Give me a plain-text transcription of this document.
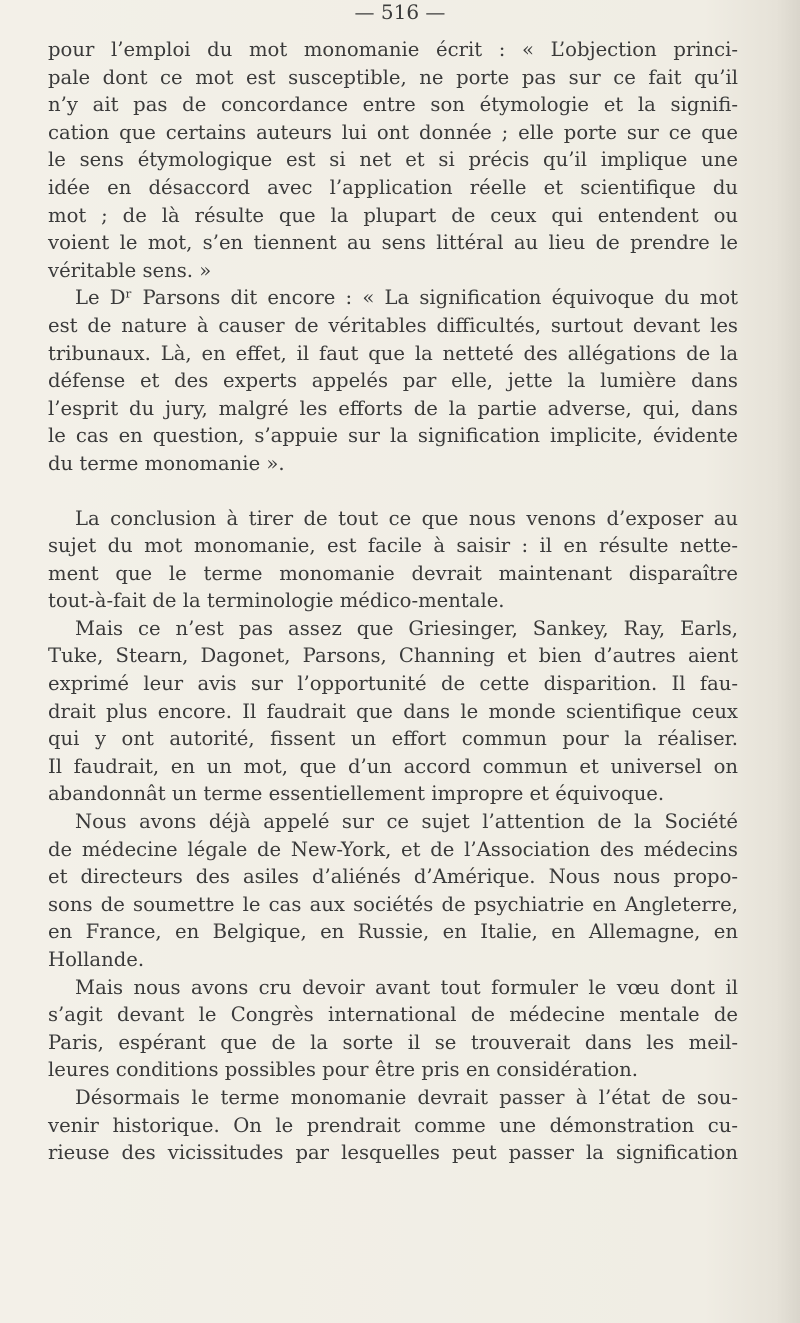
— 516 —
pour l’emploi du mot monomanie écrit : « L’objection princi-
pale dont ce mot est susceptible, ne porte pas sur ce fait qu’il
n’y ait pas de concordance entre son étymologie et la signifi-
cation que certains auteurs lui ont donnée ; elle porte sur ce que
le sens étymologique est si net et si précis qu’il implique une
idée en désaccord avec l’application réelle et scientifique du
mot ; de là résulte que la plupart de ceux qui entendent ou
voient le mot, s’en tiennent au sens littéral au lieu de prendre le
véritable sens. »
Le Dʳ Parsons dit encore : « La signification équivoque du mot
est de nature à causer de véritables difficultés, surtout devant les
tribunaux. Là, en effet, il faut que la netteté des allégations de la
défense et des experts appelés par elle, jette la lumière dans
l’esprit du jury, malgré les efforts de la partie adverse, qui, dans
le cas en question, s’appuie sur la signification implicite, évidente
du terme monomanie ».
La conclusion à tirer de tout ce que nous venons d’exposer au
sujet du mot monomanie, est facile à saisir : il en résulte nette-
ment que le terme monomanie devrait maintenant disparaître
tout-à-fait de la terminologie médico-mentale.
Mais ce n’est pas assez que Griesinger, Sankey, Ray, Earls,
Tuke, Stearn, Dagonet, Parsons, Channing et bien d’autres aient
exprimé leur avis sur l’opportunité de cette disparition. Il fau-
drait plus encore. Il faudrait que dans le monde scientifique ceux
qui y ont autorité, fissent un effort commun pour la réaliser.
Il faudrait, en un mot, que d’un accord commun et universel on
abandonnât un terme essentiellement impropre et équivoque.
Nous avons déjà appelé sur ce sujet l’attention de la Société
de médecine légale de New-York, et de l’Association des médecins
et directeurs des asiles d’aliénés d’Amérique. Nous nous propo-
sons de soumettre le cas aux sociétés de psychiatrie en Angleterre,
en France, en Belgique, en Russie, en Italie, en Allemagne, en
Hollande.
Mais nous avons cru devoir avant tout formuler le vœu dont il
s’agit devant le Congrès international de médecine mentale de
Paris, espérant que de la sorte il se trouverait dans les meil-
leures conditions possibles pour être pris en considération.
Désormais le terme monomanie devrait passer à l’état de sou-
venir historique. On le prendrait comme une démonstration cu-
rieuse des vicissitudes par lesquelles peut passer la signification
